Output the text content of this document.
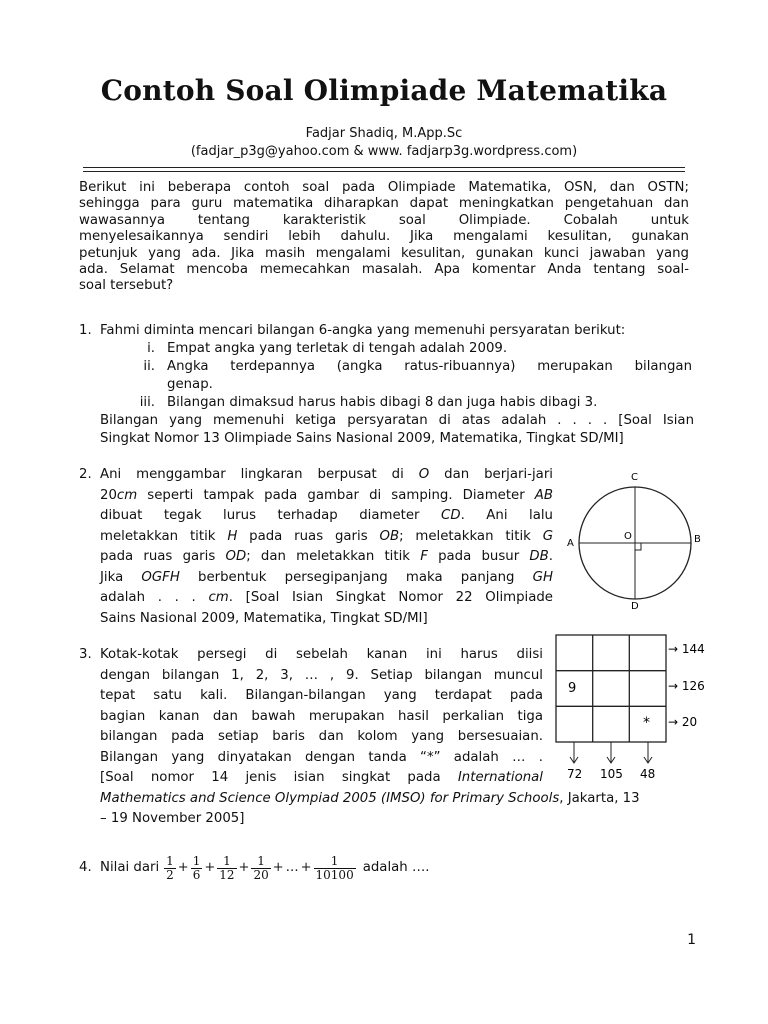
Contoh Soal Olimpiade Matematika
Fadjar Shadiq, M.App.Sc
(fadjar_p3g@yahoo.com & www. fadjarp3g.wordpress.com)
Berikut ini beberapa contoh soal pada Olimpiade Matematika, OSN, dan OSTN;
sehingga para guru matematika diharapkan dapat meningkatkan pengetahuan dan
wawasannya tentang karakteristik soal Olimpiade. Cobalah untuk
menyelesaikannya sendiri lebih dahulu. Jika mengalami kesulitan, gunakan
petunjuk yang ada. Jika masih mengalami kesulitan, gunakan kunci jawaban yang
ada. Selamat mencoba memecahkan masalah. Apa komentar Anda tentang soal-
soal tersebut?
1. Fahmi diminta mencari bilangan 6-angka yang memenuhi persyaratan berikut:
i. Empat angka yang terletak di tengah adalah 2009.
ii. Angka terdepannya (angka ratus-ribuannya) merupakan bilangan
genap.
iii. Bilangan dimaksud harus habis dibagi 8 dan juga habis dibagi 3.
Bilangan yang memenuhi ketiga persyaratan di atas adalah . . . . [Soal Isian
Singkat Nomor 13 Olimpiade Sains Nasional 2009, Matematika, Tingkat SD/MI]
2. Ani menggambar lingkaran berpusat di O dan berjari-jari
20cm seperti tampak pada gambar di samping. Diameter AB
dibuat tegak lurus terhadap diameter CD. Ani lalu
meletakkan titik H pada ruas garis OB; meletakkan titik G
pada ruas garis OD; dan meletakkan titik F pada busur DB.
Jika OGFH berbentuk persegipanjang maka panjang GH
adalah . . . cm. [Soal Isian Singkat Nomor 22 Olimpiade
Sains Nasional 2009, Matematika, Tingkat SD/MI]
C
D
A	B
O
3. Kotak-kotak persegi di sebelah kanan ini harus diisi
dengan bilangan 1, 2, 3, … , 9. Setiap bilangan muncul
tepat satu kali. Bilangan-bilangan yang terdapat pada
bagian kanan dan bawah merupakan hasil perkalian tiga
bilangan pada setiap baris dan kolom yang bersesuaian.
Bilangan yang dinyatakan dengan tanda “*” adalah … .
[Soal nomor 14 jenis isian singkat pada International
Mathematics and Science Olympiad 2005 (IMSO) for Primary Schools, Jakarta, 13
– 19 November 2005]
9
*
→ 144
→ 126
→ 20
72 105 48
4. Nilai dari $\frac{1}{2} + \frac{1}{6} + \frac{1}{12} + \frac{1}{20}$ + … + $\frac{1}{10100}$ adalah ….
1
